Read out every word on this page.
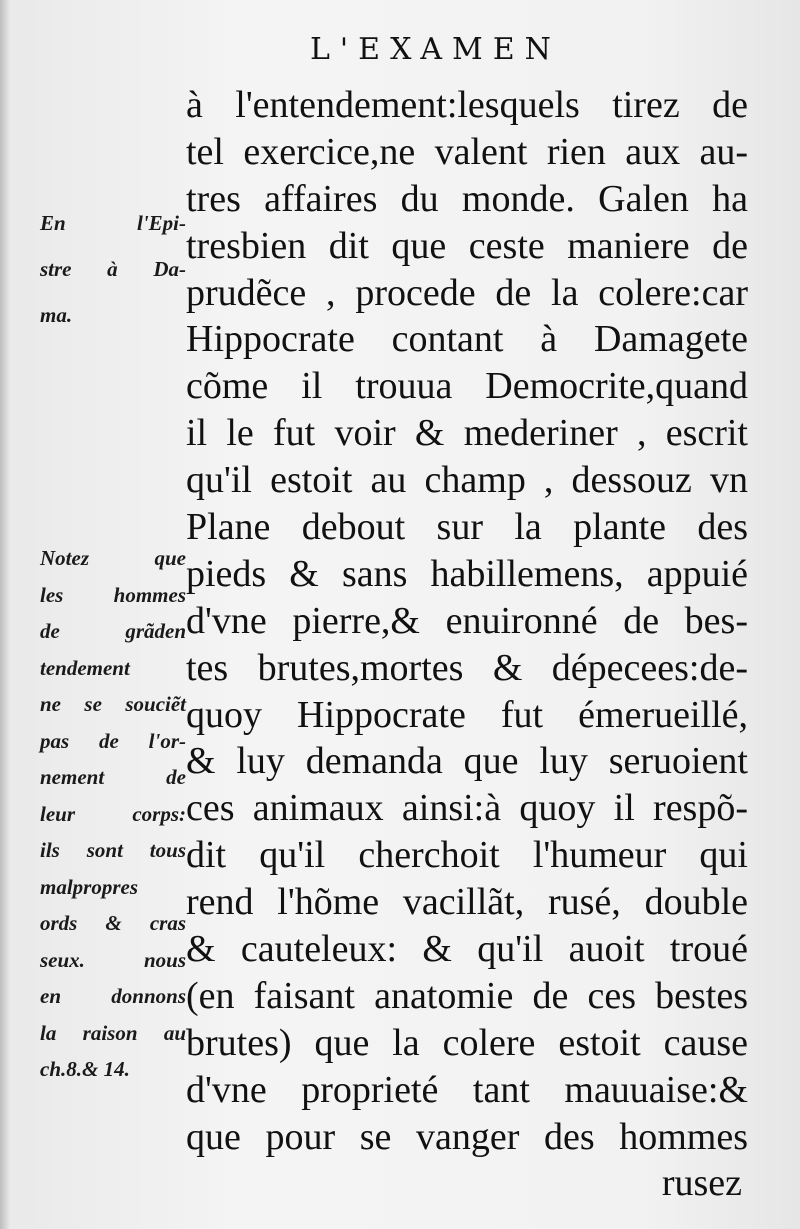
L'EXAMEN
En l'Epi-
stre à Da-
ma.
Notez que
les hommes
de grãden
tendement
ne se souciẽt
pas de l'or-
nement de
leur corps:
ils sont tous
malpropres
ords & cras
seux. nous
en donnons
la raison au
ch.8.& 14.
à l'entendement:lesquels tirez de
tel exercice,ne valent rien aux au-
tres affaires du monde. Galen ha
tresbien dit que ceste maniere de
prudẽce , procede de la colere:car
Hippocrate contant à Damagete
cõme il trouua Democrite,quand
il le fut voir & mederiner , escrit
qu'il estoit au champ , dessouz vn
Plane debout sur la plante des
pieds & sans habillemens, appuié
d'vne pierre,& enuironné de bes-
tes brutes,mortes & dépecees:de-
quoy Hippocrate fut émerueillé,
& luy demanda que luy seruoient
ces animaux ainsi:à quoy il respõ-
dit qu'il cherchoit l'humeur qui
rend l'hõme vacillãt, rusé, double
& cauteleux: & qu'il auoit troué
(en faisant anatomie de ces bestes
brutes) que la colere estoit cause
d'vne proprieté tant mauuaise:&
que pour se vanger des hommes
rusez
